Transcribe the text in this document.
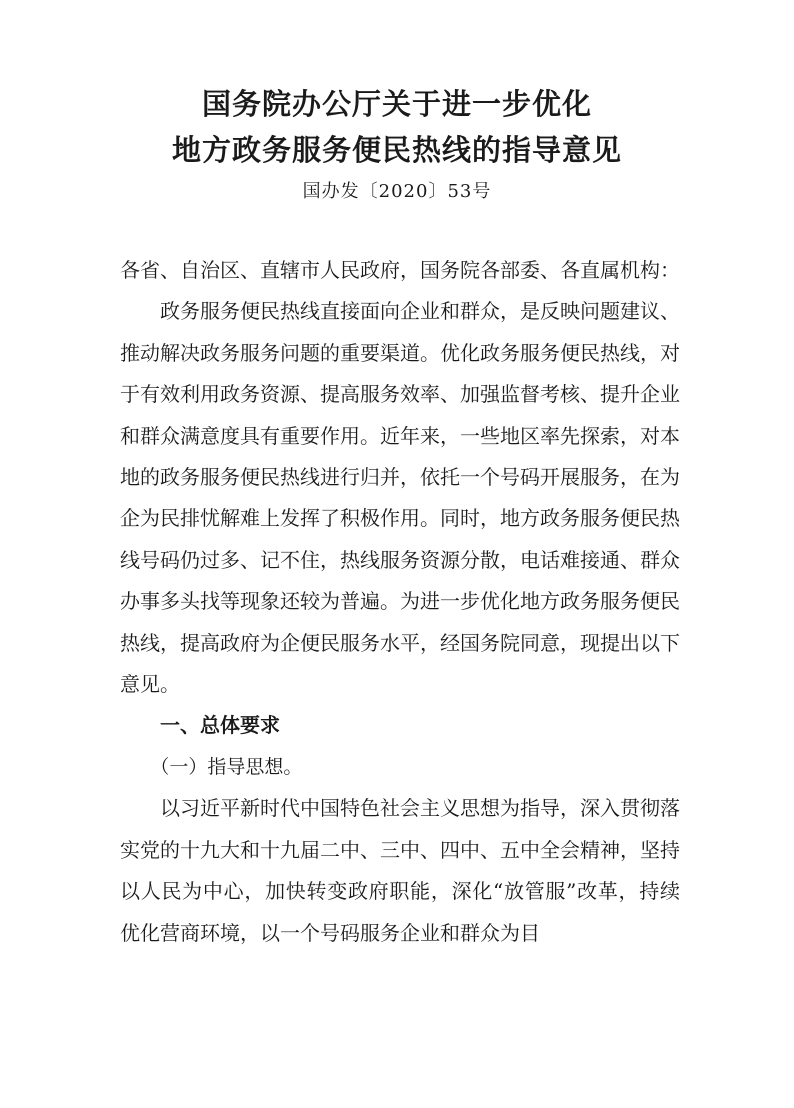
国务院办公厅关于进一步优化
地方政务服务便民热线的指导意见

国办发〔2020〕53号

各省、自治区、直辖市人民政府，国务院各部委、各直属机构：

政务服务便民热线直接面向企业和群众，是反映问题建议、推动解决政务服务问题的重要渠道。优化政务服务便民热线，对于有效利用政务资源、提高服务效率、加强监督考核、提升企业和群众满意度具有重要作用。近年来，一些地区率先探索，对本地的政务服务便民热线进行归并，依托一个号码开展服务，在为企为民排忧解难上发挥了积极作用。同时，地方政务服务便民热线号码仍过多、记不住，热线服务资源分散，电话难接通、群众办事多头找等现象还较为普遍。为进一步优化地方政务服务便民热线，提高政府为企便民服务水平，经国务院同意，现提出以下意见。

一、总体要求

（一）指导思想。

以习近平新时代中国特色社会主义思想为指导，深入贯彻落实党的十九大和十九届二中、三中、四中、五中全会精神，坚持以人民为中心，加快转变政府职能，深化“放管服”改革，持续优化营商环境，以一个号码服务企业和群众为目
